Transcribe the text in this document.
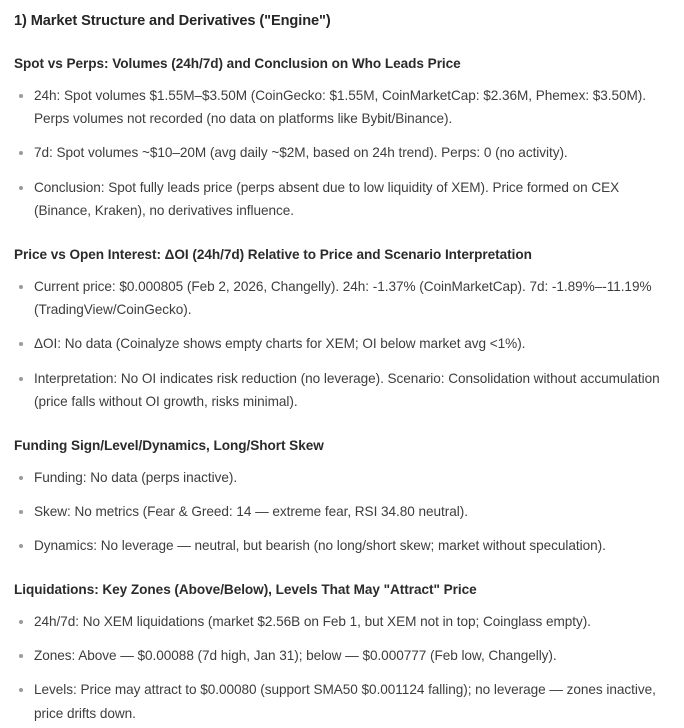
1) Market Structure and Derivatives ("Engine")
Spot vs Perps: Volumes (24h/7d) and Conclusion on Who Leads Price
24h: Spot volumes $1.55M–$3.50M (CoinGecko: $1.55M, CoinMarketCap: $2.36M, Phemex: $3.50M). Perps volumes not recorded (no data on platforms like Bybit/Binance).
7d: Spot volumes ~$10–20M (avg daily ~$2M, based on 24h trend). Perps: 0 (no activity).
Conclusion: Spot fully leads price (perps absent due to low liquidity of XEM). Price formed on CEX (Binance, Kraken), no derivatives influence.
Price vs Open Interest: ΔOI (24h/7d) Relative to Price and Scenario Interpretation
Current price: $0.000805 (Feb 2, 2026, Changelly). 24h: -1.37% (CoinMarketCap). 7d: -1.89%–-11.19% (TradingView/CoinGecko).
ΔOI: No data (Coinalyze shows empty charts for XEM; OI below market avg <1%).
Interpretation: No OI indicates risk reduction (no leverage). Scenario: Consolidation without accumulation (price falls without OI growth, risks minimal).
Funding Sign/Level/Dynamics, Long/Short Skew
Funding: No data (perps inactive).
Skew: No metrics (Fear & Greed: 14 — extreme fear, RSI 34.80 neutral).
Dynamics: No leverage — neutral, but bearish (no long/short skew; market without speculation).
Liquidations: Key Zones (Above/Below), Levels That May "Attract" Price
24h/7d: No XEM liquidations (market $2.56B on Feb 1, but XEM not in top; Coinglass empty).
Zones: Above — $0.00088 (7d high, Jan 31); below — $0.000777 (Feb low, Changelly).
Levels: Price may attract to $0.00080 (support SMA50 $0.001124 falling); no leverage — zones inactive, price drifts down.
